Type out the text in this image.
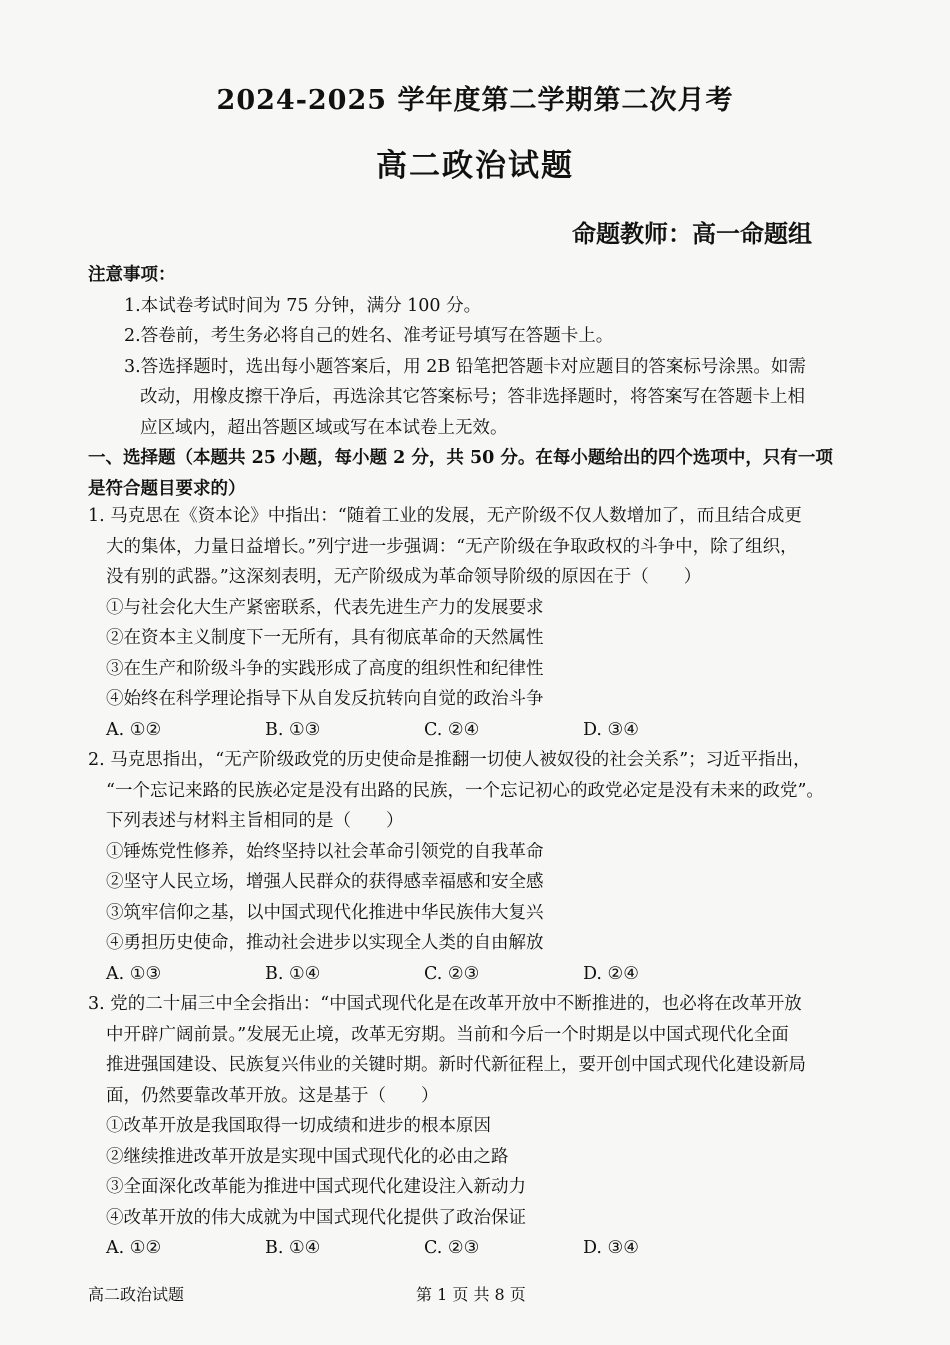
2024-2025 学年度第二学期第二次月考
高二政治试题
命题教师：高一命题组
注意事项：
1.本试卷考试时间为 75 分钟，满分 100 分。
2.答卷前，考生务必将自己的姓名、准考证号填写在答题卡上。
3.答选择题时，选出每小题答案后，用 2B 铅笔把答题卡对应题目的答案标号涂黑。如需
改动，用橡皮擦干净后，再选涂其它答案标号；答非选择题时，将答案写在答题卡上相
应区域内，超出答题区域或写在本试卷上无效。
一、选择题（本题共 25 小题，每小题 2 分，共 50 分。在每小题给出的四个选项中，只有一项
是符合题目要求的）
1. 马克思在《资本论》中指出：“随着工业的发展，无产阶级不仅人数增加了，而且结合成更
大的集体，力量日益增长。”列宁进一步强调：“无产阶级在争取政权的斗争中，除了组织，
没有别的武器。”这深刻表明，无产阶级成为革命领导阶级的原因在于（　　）
①与社会化大生产紧密联系，代表先进生产力的发展要求
②在资本主义制度下一无所有，具有彻底革命的天然属性
③在生产和阶级斗争的实践形成了高度的组织性和纪律性
④始终在科学理论指导下从自发反抗转向自觉的政治斗争
A. ①②	B. ①③	C. ②④	D. ③④
2. 马克思指出，“无产阶级政党的历史使命是推翻一切使人被奴役的社会关系”；习近平指出，
“一个忘记来路的民族必定是没有出路的民族，一个忘记初心的政党必定是没有未来的政党”。
下列表述与材料主旨相同的是（　　）
①锤炼党性修养，始终坚持以社会革命引领党的自我革命
②坚守人民立场，增强人民群众的获得感幸福感和安全感
③筑牢信仰之基，以中国式现代化推进中华民族伟大复兴
④勇担历史使命，推动社会进步以实现全人类的自由解放
A. ①③	B. ①④	C. ②③	D. ②④
3. 党的二十届三中全会指出：“中国式现代化是在改革开放中不断推进的，也必将在改革开放
中开辟广阔前景。”发展无止境，改革无穷期。当前和今后一个时期是以中国式现代化全面
推进强国建设、民族复兴伟业的关键时期。新时代新征程上，要开创中国式现代化建设新局
面，仍然要靠改革开放。这是基于（　　）
①改革开放是我国取得一切成绩和进步的根本原因
②继续推进改革开放是实现中国式现代化的必由之路
③全面深化改革能为推进中国式现代化建设注入新动力
④改革开放的伟大成就为中国式现代化提供了政治保证
A. ①②	B. ①④	C. ②③	D. ③④
高二政治试题	第 1 页 共 8 页
